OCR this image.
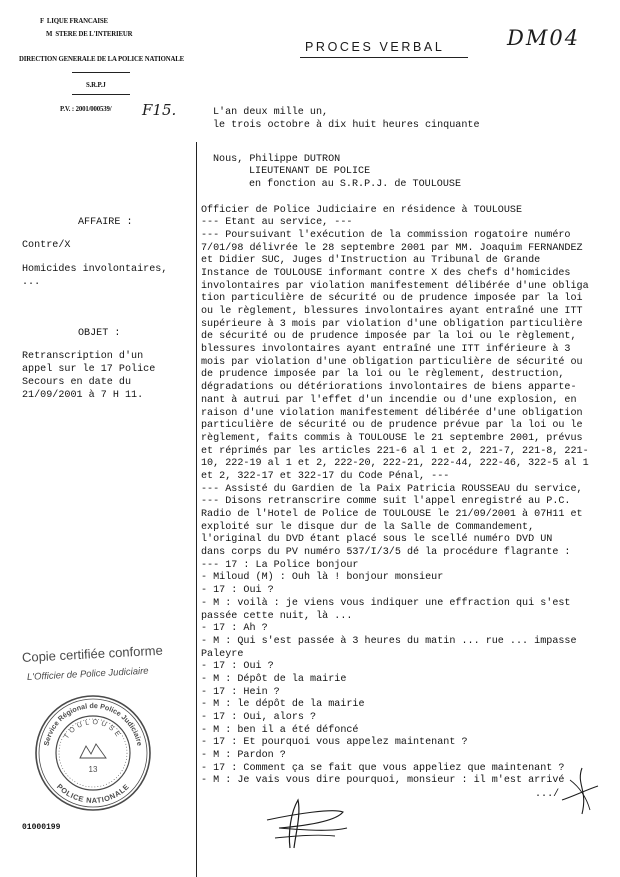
F  LIQUE FRANCAISE
M  STERE DE L'INTERIEUR
DIRECTION GENERALE DE LA POLICE NATIONALE
S.R.P.J
P.V. : 2001/000539/ F15.
PROCES VERBAL	DM04
L'an deux mille un,
le trois octobre à dix huit heures cinquante
Nous, Philippe DUTRON
LIEUTENANT DE POLICE
en fonction au S.R.P.J. de TOULOUSE
AFFAIRE :
Contre/X
Homicides involontaires,
...
OBJET :
Retranscription d'un
appel sur le 17 Police
Secours en date du
21/09/2001 à 7 H 11.
Officier de Police Judiciaire en résidence à TOULOUSE
--- Etant au service, ---
--- Poursuivant l'exécution de la commission rogatoire numéro
7/01/98 délivrée le 28 septembre 2001 par MM. Joaquim FERNANDEZ
et Didier SUC, Juges d'Instruction au Tribunal de Grande
Instance de TOULOUSE informant contre X des chefs d'homicides
involontaires par violation manifestement délibérée d'une obliga
tion particulière de sécurité ou de prudence imposée par la loi
ou le règlement, blessures involontaires ayant entraîné une ITT
supérieure à 3 mois par violation d'une obligation particulière
de sécurité ou de prudence imposée par la loi ou le règlement,
blessures involontaires ayant entraîné une ITT inférieure à 3
mois par violation d'une obligation particulière de sécurité ou
de prudence imposée par la loi ou le règlement, destruction,
dégradations ou détériorations involontaires de biens apparte-
nant à autrui par l'effet d'un incendie ou d'une explosion, en
raison d'une violation manifestement délibérée d'une obligation
particulière de sécurité ou de prudence prévue par la loi ou le
règlement, faits commis à TOULOUSE le 21 septembre 2001, prévus
et réprimés par les articles 221-6 al 1 et 2, 221-7, 221-8, 221-
10, 222-19 al 1 et 2, 222-20, 222-21, 222-44, 222-46, 322-5 al 1
et 2, 322-17 et 322-17 du Code Pénal, ---
--- Assisté du Gardien de la Paix Patricia ROUSSEAU du service,
--- Disons retranscrire comme suit l'appel enregistré au P.C.
Radio de l'Hotel de Police de TOULOUSE le 21/09/2001 à 07H11 et
exploité sur le disque dur de la Salle de Commandement,
l'original du DVD étant placé sous le scellé numéro DVD UN
dans corps du PV numéro 537/I/3/5 dé la procédure flagrante :
--- 17 : La Police bonjour
- Miloud (M) : Ouh là ! bonjour monsieur
- 17 : Oui ?
- M : voilà : je viens vous indiquer une effraction qui s'est
passée cette nuit, là ...
- 17 : Ah ?
- M : Qui s'est passée à 3 heures du matin ... rue ... impasse
Paleyre
- 17 : Oui ?
- M : Dépôt de la mairie
- 17 : Hein ?
- M : le dépôt de la mairie
- 17 : Oui, alors ?
- M : ben il a été défoncé
- 17 : Et pourquoi vous appelez maintenant ?
- M : Pardon ?
- 17 : Comment ça se fait que vous appeliez que maintenant ?
- M : Je vais vous dire pourquoi, monsieur : il m'est arrivé
.../
Copie certifiée conforme
L'Officier de Police Judiciaire
Service Régional de Police Judiciaire
POLICE NATIONALE
TOULOUSE
13
01000199
